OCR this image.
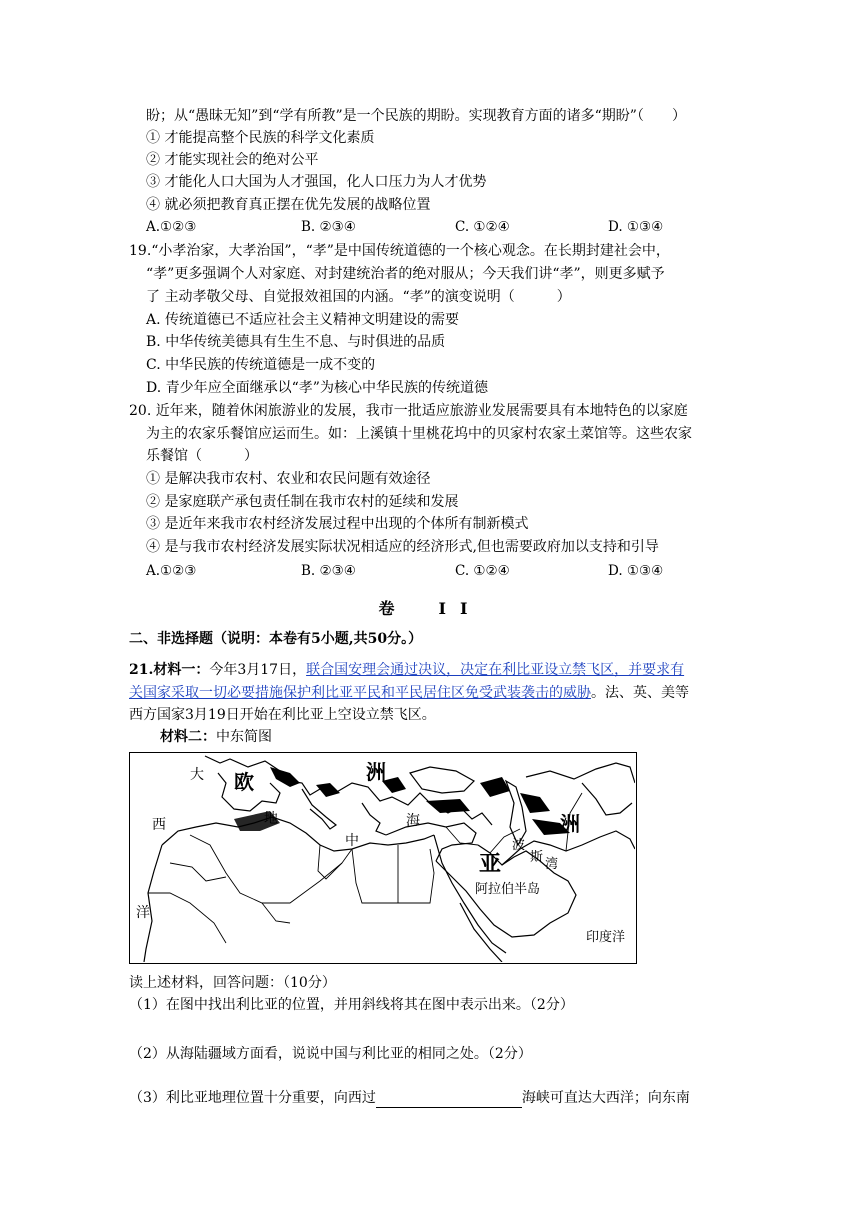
盼；从“愚昧无知”到“学有所教”是一个民族的期盼。实现教育方面的诸多“期盼”（　　）
① 才能提高整个民族的科学文化素质
② 才能实现社会的绝对公平
③ 才能化人口大国为人才强国，化人口压力为人才优势
④ 就必须把教育真正摆在优先发展的战略位置
A.①②③	B. ②③④	C. ①②④	D. ①③④
19.“小孝治家，大孝治国”，“孝”是中国传统道德的一个核心观念。在长期封建社会中，
“孝”更多强调个人对家庭、对封建统治者的绝对服从；今天我们讲“孝”，则更多赋予
了 主动孝敬父母、自觉报效祖国的内涵。“孝”的演变说明（　　　）
A. 传统道德已不适应社会主义精神文明建设的需要
B. 中华传统美德具有生生不息、与时俱进的品质
C. 中华民族的传统道德是一成不变的
D. 青少年应全面继承以“孝”为核心中华民族的传统道德
20. 近年来，随着休闲旅游业的发展，我市一批适应旅游业发展需要具有本地特色的以家庭
为主的农家乐餐馆应运而生。如：上溪镇十里桃花坞中的贝家村农家土菜馆等。这些农家
乐餐馆（　　　）
① 是解决我市农村、农业和农民问题有效途径
② 是家庭联产承包责任制在我市农村的延续和发展
③ 是近年来我市农村经济发展过程中出现的个体所有制新模式
④ 是与我市农村经济发展实际状况相适应的经济形式,但也需要政府加以支持和引导
A.①②③	B. ②③④	C. ①②④	D. ①③④
卷　II
二、非选择题（说明：本卷有5小题,共50分。）
21.材料一：今年3月17日，联合国安理会通过决议，决定在利比亚设立禁飞区，并要求有
关国家采取一切必要措施保护利比亚平民和平民居住区免受武装袭击的威胁。法、英、美等
西方国家3月19日开始在利比亚上空设立禁飞区。
材料二：中东简图
大 欧
地
洲
西
中
海	洲
波
斯 湾
亚
阿拉伯半岛
洋
印度洋
读上述材料，回答问题：（10分）
（1）在图中找出利比亚的位置，并用斜线将其在图中表示出来。（2分）
（2）从海陆疆域方面看，说说中国与利比亚的相同之处。（2分）
（3）利比亚地理位置十分重要，向西过	海峡可直达大西洋；向东南
